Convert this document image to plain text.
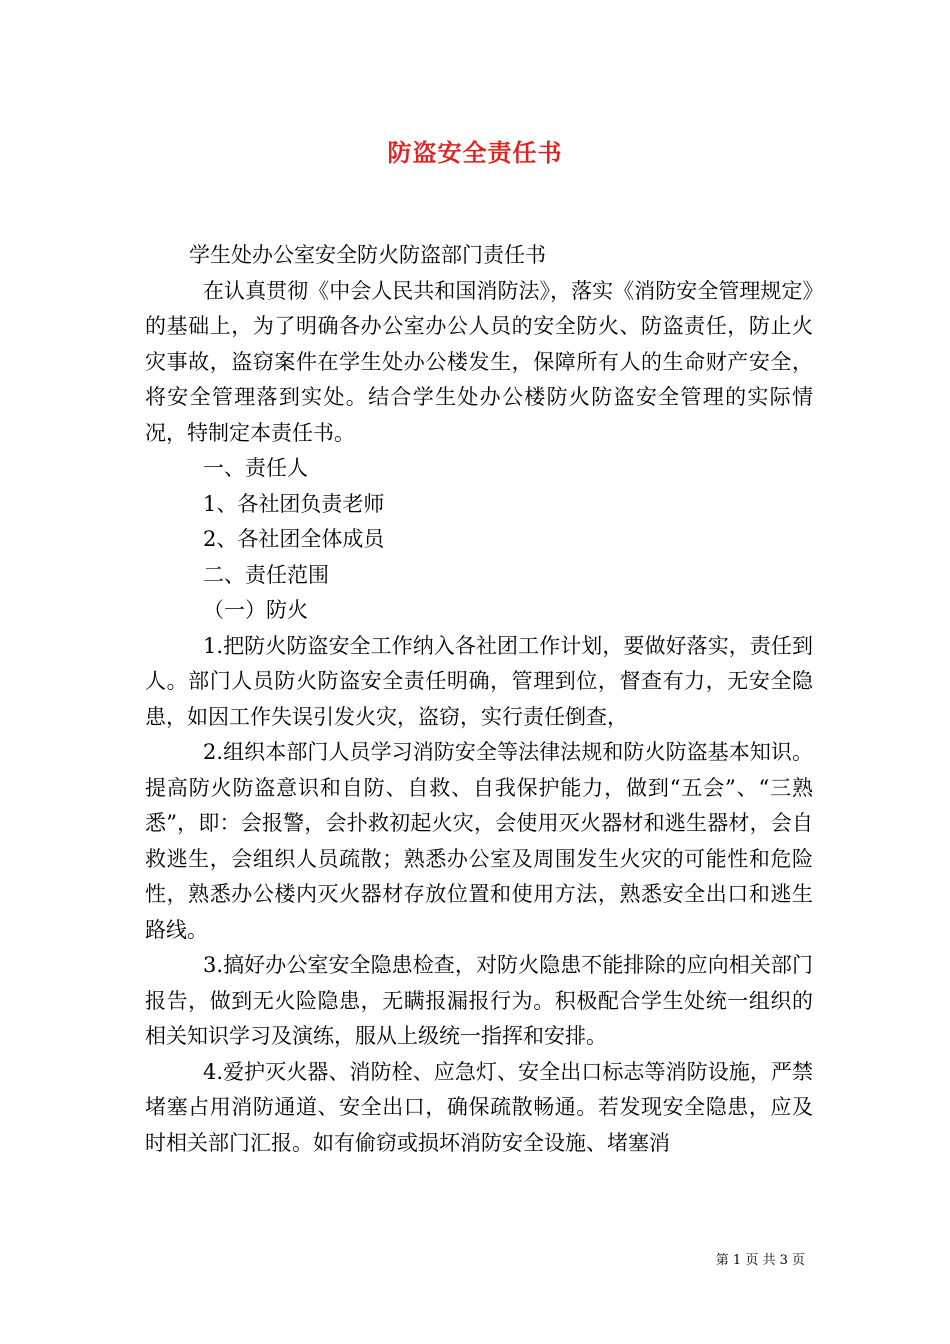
防盗安全责任书

学生处办公室安全防火防盗部门责任书

在认真贯彻《中会人民共和国消防法》，落实《消防安全管理规定》的基础上，为了明确各办公室办公人员的安全防火、防盗责任，防止火灾事故，盗窃案件在学生处办公楼发生，保障所有人的生命财产安全，将安全管理落到实处。结合学生处办公楼防火防盗安全管理的实际情况，特制定本责任书。

一、责任人

1、各社团负责老师

2、各社团全体成员

二、责任范围

（一）防火

1.把防火防盗安全工作纳入各社团工作计划，要做好落实，责任到人。部门人员防火防盗安全责任明确，管理到位，督查有力，无安全隐患，如因工作失误引发火灾，盗窃，实行责任倒查，

2.组织本部门人员学习消防安全等法律法规和防火防盗基本知识。提高防火防盗意识和自防、自救、自我保护能力，做到“五会”、“三熟悉”，即：会报警，会扑救初起火灾，会使用灭火器材和逃生器材，会自救逃生，会组织人员疏散；熟悉办公室及周围发生火灾的可能性和危险性，熟悉办公楼内灭火器材存放位置和使用方法，熟悉安全出口和逃生路线。

3.搞好办公室安全隐患检查，对防火隐患不能排除的应向相关部门报告，做到无火险隐患，无瞒报漏报行为。积极配合学生处统一组织的相关知识学习及演练，服从上级统一指挥和安排。

4.爱护灭火器、消防栓、应急灯、安全出口标志等消防设施，严禁堵塞占用消防通道、安全出口，确保疏散畅通。若发现安全隐患，应及时相关部门汇报。如有偷窃或损坏消防安全设施、堵塞消

第 1 页 共 3 页
